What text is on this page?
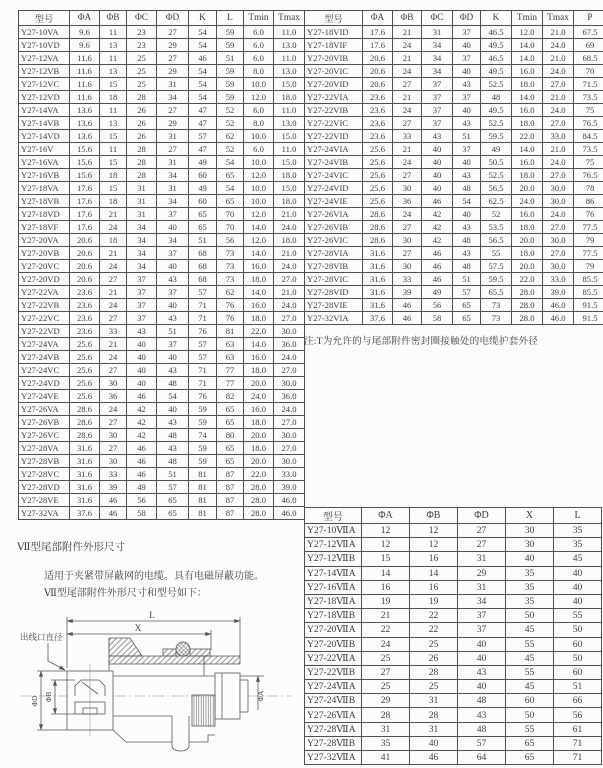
型号	ΦA	ΦB	ΦC	ΦD	K	L	Tmin	Tmax
Y27-10VA	9.6	11	23	27	54	59	6.0	11.0
Y27-10VD	9.6	13	23	29	54	59	6.0	13.0
Y27-12VA	11.6	11	25	27	46	51	6.0	11.0
Y27-12VB	11.6	13	25	29	54	59	8.0	13.0
Y27-12VC	11.6	15	25	31	54	59	10.0	15.0
Y27-12VD	11.6	18	28	34	54	59	12.0	18.0
Y27-14VA	13.6	11	26	27	47	52	6.0	11.0
Y27-14VB	13.6	13	26	29	47	52	8.0	13.0
Y27-14VD	13.6	15	26	31	57	62	10.0	15.0
Y27-16V	15.6	11	28	27	47	52	6.0	11.0
Y27-16VA	15.6	15	28	31	49	54	10.0	15.0
Y27-16VB	15.6	18	28	34	60	65	12.0	18.0
Y27-18VA	17.6	15	31	31	49	54	10.0	15.0
Y27-18VB	17.6	18	31	34	60	65	10.0	18.0
Y27-18VD	17.6	21	31	37	65	70	12.0	21.0
Y27-18VF	17.6	24	34	40	65	70	14.0	24.0
Y27-20VA	20.6	18	34	34	51	56	12.0	18.0
Y27-20VB	20.6	21	34	37	68	73	14.0	21.0
Y27-20VC	20.6	24	34	40	68	73	16.0	24.0
Y27-20VD	20.6	27	37	43	68	73	18.0	27.0
Y27-22VA	23.6	21	37	37	57	62	14.0	21.0
Y27-22VB	23.6	24	37	40	71	76	16.0	24.0
Y27-22VC	23.6	27	37	43	71	76	18.0	27.0
Y27-22VD	23.6	33	43	51	76	81	22.0	30.0
Y27-24VA	25.6	21	40	37	57	63	14.0	36.0
Y27-24VB	25.6	24	40	40	57	63	16.0	24.0
Y27-24VC	25.6	27	40	43	71	77	18.0	27.0
Y27-24VD	25.6	30	40	48	71	77	20.0	30.0
Y27-24VE	25.6	36	46	54	76	82	24.0	36.0
Y27-26VA	28.6	24	42	40	59	65	16.0	24.0
Y27-26VB	28.6	27	42	43	59	65	18.0	27.0
Y27-26VC	28.6	30	42	48	74	80	20.0	30.0
Y27-28VA	31.6	27	46	43	59	65	18.0	27.0
Y27-28VB	31.6	30	46	48	59	65	20.0	30.0
Y27-28VC	31.6	33	46	51	81	87	22.0	33.0
Y27-28VD	31.6	39	49	57	81	87	28.0	39.0
Y27-28VE	31.6	46	56	65	81	87	28.0	46.0
Y27-32VA	37.6	46	58	65	81	87	28.0	46.0
型号	ΦA	ΦB	ΦC	ΦD	K	Tmin	Tmax	P
Y27-18VID	17.6	21	31	37	46.5	12.0	21.0	67.5
Y27-18VIF	17.6	24	34	40	49.5	14.0	24.0	69
Y27-20VIB	20.6	21	34	37	46.5	14.0	21.0	68.5
Y27-20VIC	20.6	24	34	40	49.5	16.0	24.0	70
Y27-20VID	20.6	27	37	43	52.5	18.0	27.0	71.5
Y27-22VIA	23.6	21	37	37	48	14.0	21.0	73.5
Y27-22VIB	23.6	24	37	40	49.5	16.0	24.0	75
Y27-22VIC	23.6	27	37	43	52.5	18.0	27.0	76.5
Y27-22VID	23.6	33	43	51	59.5	22.0	33.0	84.5
Y27-24VIA	25.6	21	40	37	49	14.0	21.0	73.5
Y27-24VIB	25.6	24	40	40	50.5	16.0	24.0	75
Y27-24VIC	25.6	27	40	43	52.5	18.0	27.0	76.5
Y27-24VID	25.6	30	40	48	56.5	20.0	30.0	78
Y27-24VIE	25.6	36	46	54	62.5	24.0	30.0	86
Y27-26VIA	28.6	24	42	40	52	16.0	24.0	76
Y27-26VIB	28.6	27	42	43	53.5	18.0	27.0	77.5
Y27-26VIC	28.6	30	42	48	56.5	20.0	30.0	79
Y27-28VIA	31.6	27	46	43	55	18.0	27.0	77.5
Y27-28VIB	31.6	30	46	48	57.5	20.0	30.0	79
Y27-28VIC	31.6	33	46	51	59.5	22.0	33.0	85.5
Y27-28VID	31.6	39	49	57	65.5	28.0	39.0	85.5
Y27-28VIE	31.6	46	56	65	73	28.0	46.0	91.5
Y27-32VIA	37.6	46	58	65	73	28.0	46.0	91.5
注:T为允许的与尾部附件密封圈接触处的电缆护套外径
Ⅶ型尾部附件外形尺寸
适用于夹紧带屏蔽网的电缆。具有电磁屏蔽功能。
Ⅶ型尾部附件外形尺寸和型号如下：
L
X
出线口直径
ΦD ΦB	ΦA
型号	ΦA	ΦB	ΦD	X	L
Y27-10ⅦA	12	12	27	30	35
Y27-12ⅦA	12	12	27	30	35
Y27-12ⅦB	15	16	31	40	45
Y27-14ⅦA	14	14	29	35	40
Y27-16ⅦA	16	16	31	35	40
Y27-18ⅦA	19	19	34	35	40
Y27-18ⅦB	21	22	37	50	55
Y27-20ⅦA	22	22	37	45	50
Y27-20ⅦB	24	25	40	55	60
Y27-22ⅦA	25	26	40	45	50
Y27-22ⅦB	27	28	43	55	60
Y27-24ⅦA	25	25	40	45	51
Y27-24ⅦB	29	31	48	60	66
Y27-26ⅦA	28	28	43	50	56
Y27-28ⅦA	31	31	48	55	61
Y27-28ⅦB	35	40	57	65	71
Y27-32ⅦA	41	46	64	65	71
